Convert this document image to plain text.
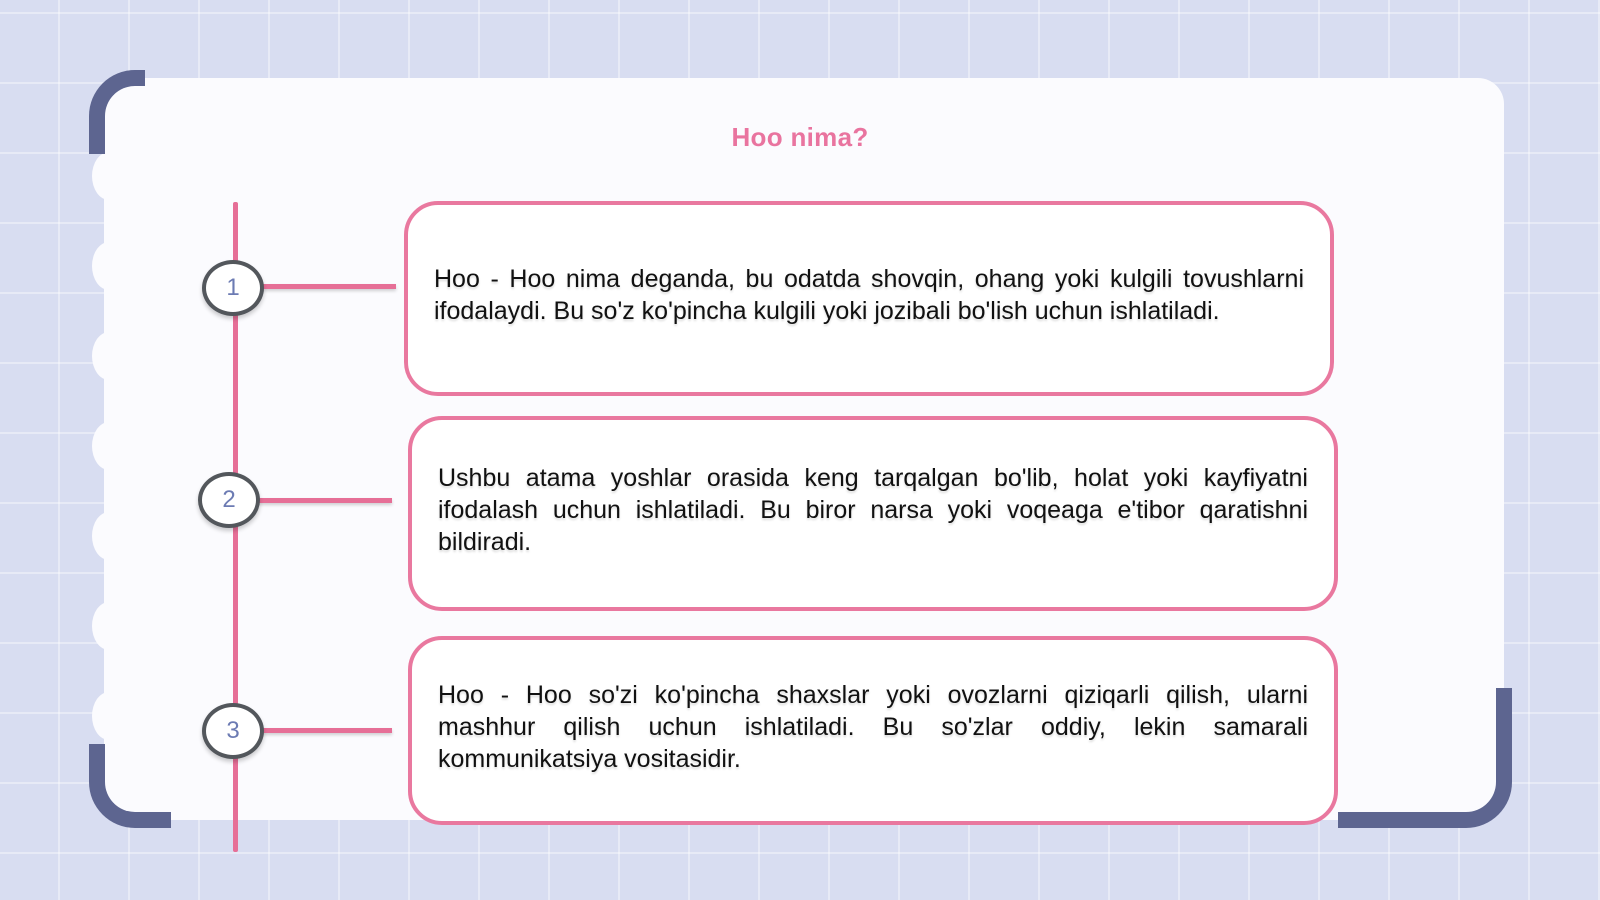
Hoo nima?
1
2
3

Hoo - Hoo nima deganda, bu odatda shovqin, ohang yoki kulgili tovushlarni ifodalaydi. Bu so'z ko'pincha kulgili yoki jozibali bo'lish uchun ishlatiladi.

Ushbu atama yoshlar orasida keng tarqalgan bo'lib, holat yoki kayfiyatni ifodalash uchun ishlatiladi. Bu biror narsa yoki voqeaga e'tibor qaratishni bildiradi.

Hoo - Hoo so'zi ko'pincha shaxslar yoki ovozlarni qiziqarli qilish, ularni mashhur qilish uchun ishlatiladi. Bu so'zlar oddiy, lekin samarali kommunikatsiya vositasidir.
